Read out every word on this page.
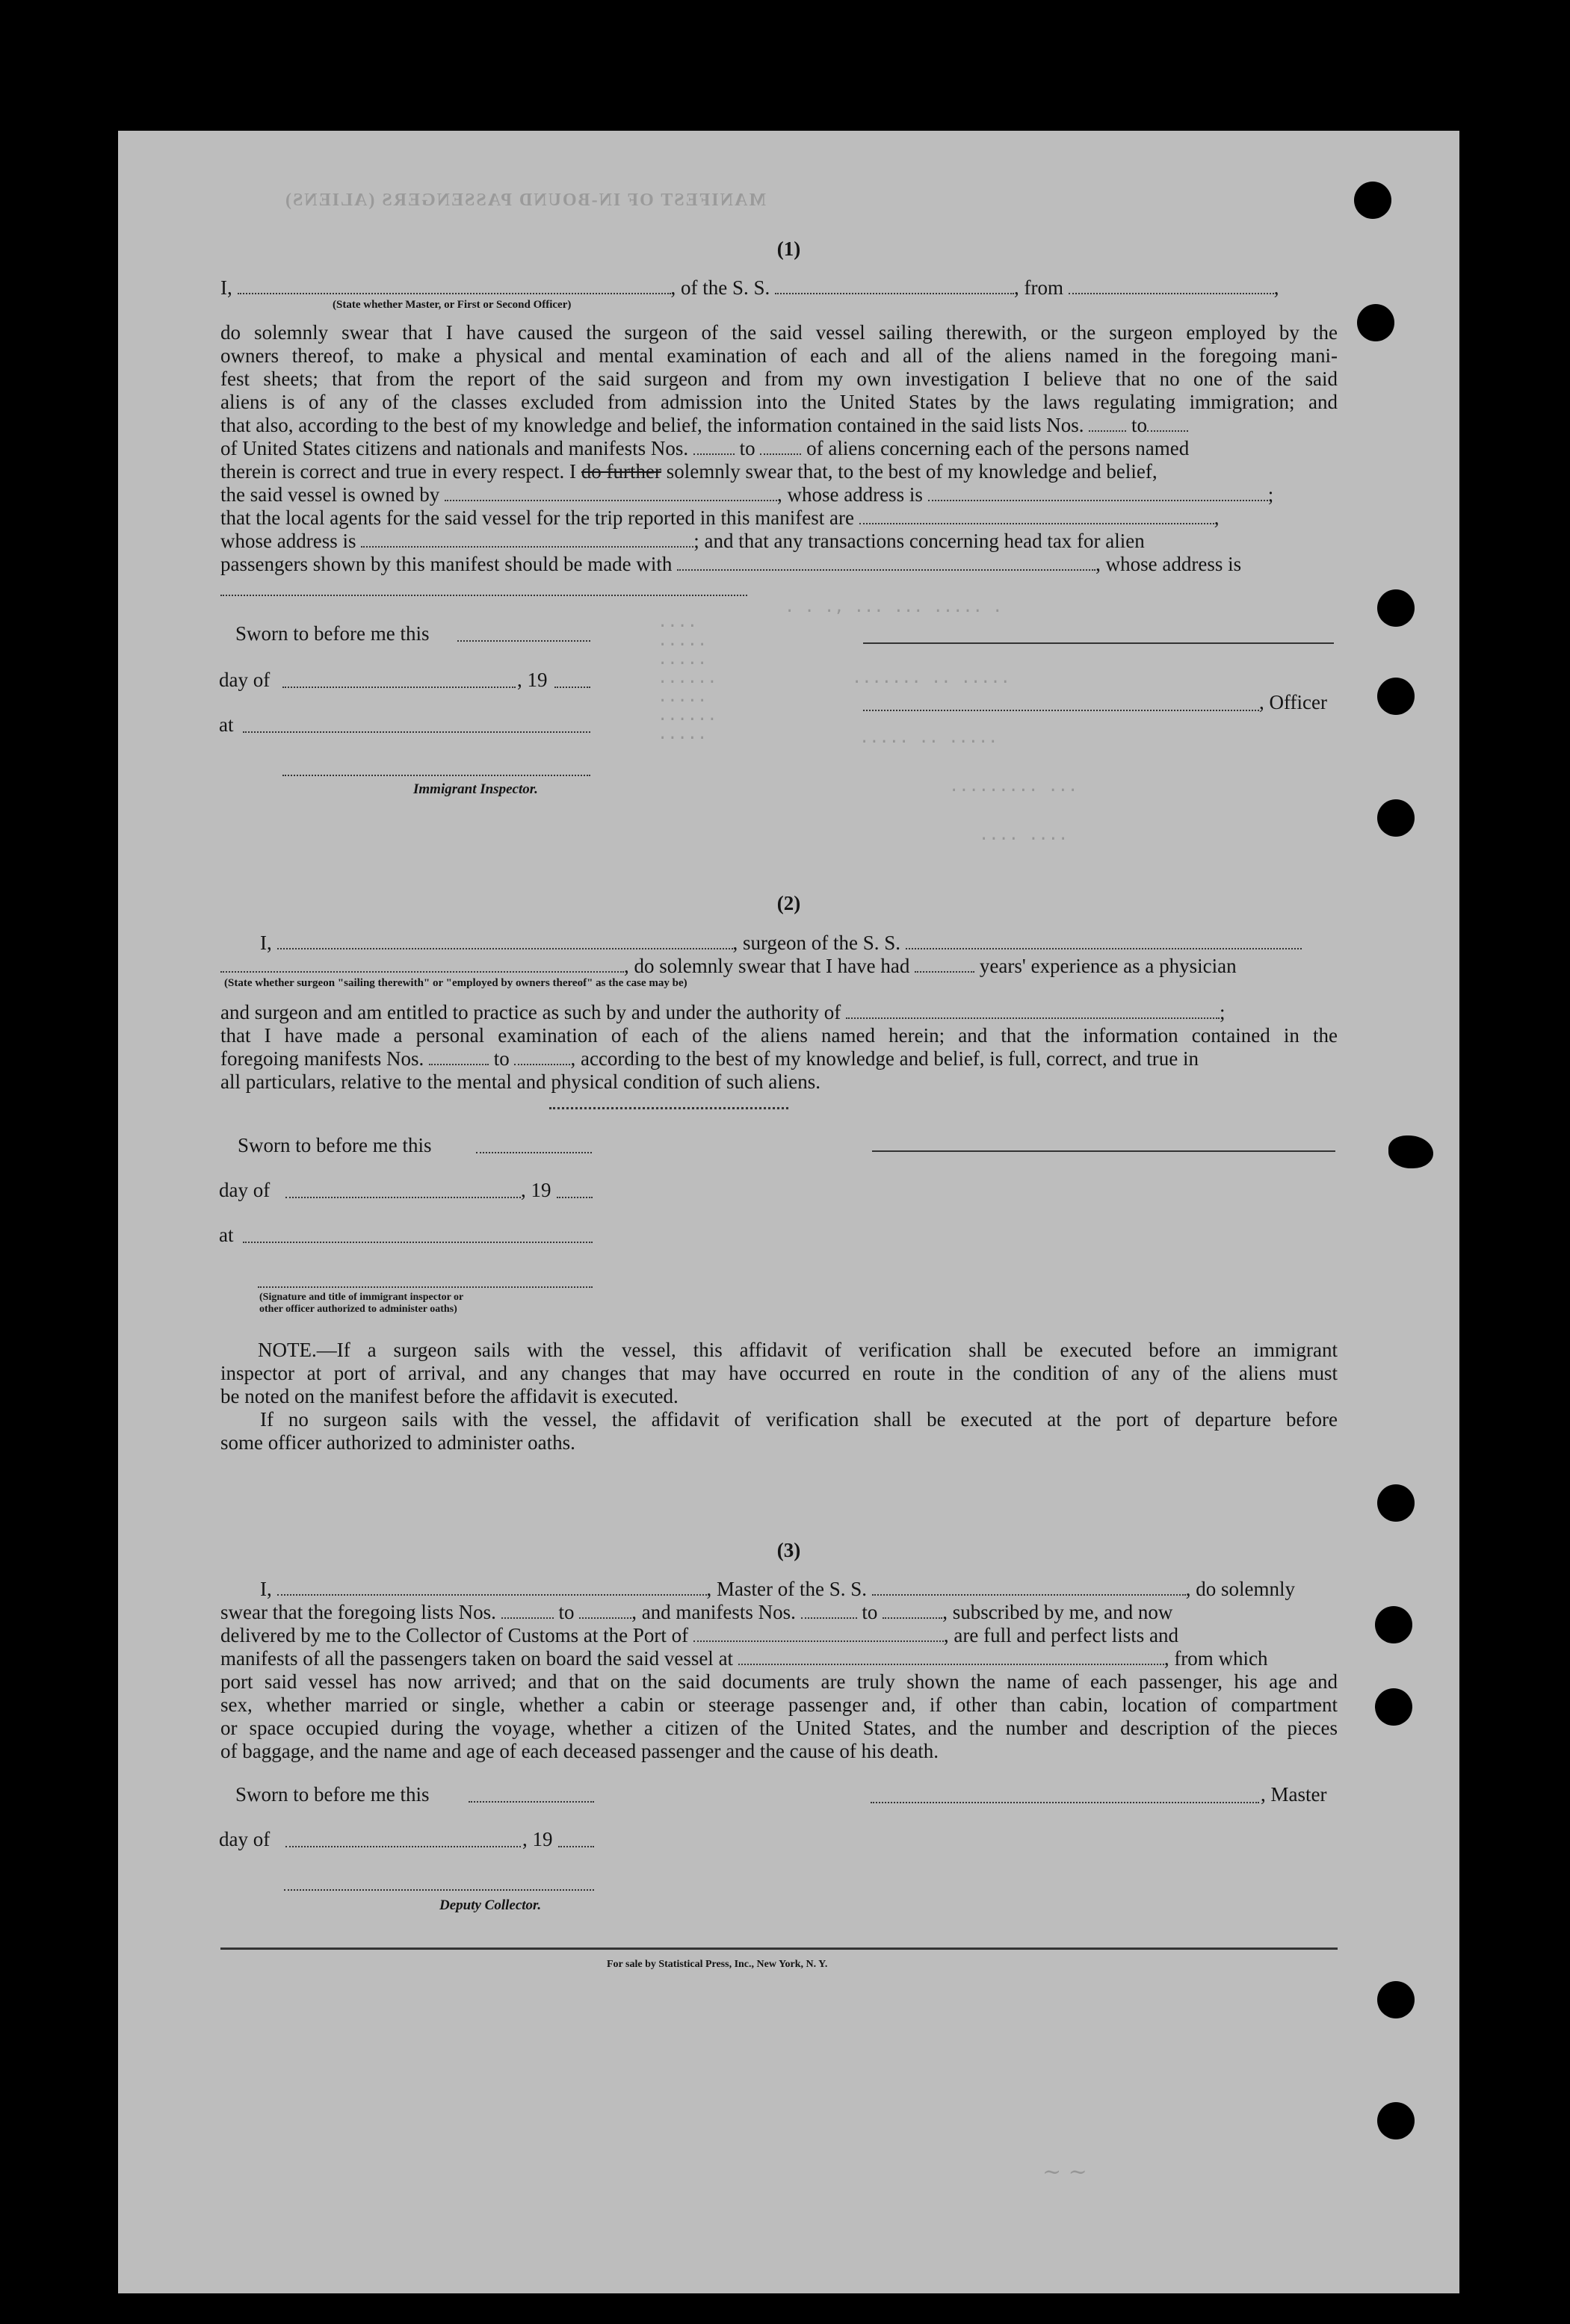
MANIFEST OF IN-BOUND PASSENGERS (ALIENS)
(1)
I,	, of the S. S.	, from	,
(State whether Master, or First or Second Officer)
do solemnly swear that I have caused the surgeon of the said vessel sailing therewith, or the surgeon employed by the
owners thereof, to make a physical and mental examination of each and all of the aliens named in the foregoing mani-
fest sheets; that from the report of the said surgeon and from my own investigation I believe that no one of the said
aliens is of any of the classes excluded from admission into the United States by the laws regulating immigration; and
that also, according to the best of my knowledge and belief, the information contained in the said lists Nos. to
of United States citizens and nationals and manifests Nos.	to	of aliens concerning each of the persons named
therein is correct and true in every respect. I do further solemnly swear that, to the best of my knowledge and belief,
the said vessel is owned by	, whose address is	;
that the local agents for the said vessel for the trip reported in this manifest are	,
whose address is	; and that any transactions concerning head tax for alien
passengers shown by this manifest should be made with	, whose address is
Sworn to before me this
day of	, 19
at
Immigrant Inspector.
, Officer
. . ., ... ... ..... .
....... .. .....
..... .. .....
......... ...
.... ....
....
.....
.....
......
.....
......
.....
(2)
I,	, surgeon of the S. S.
, do solemnly swear that I have had	years' experience as a physician
(State whether surgeon "sailing therewith" or "employed by owners thereof" as the case may be)
and surgeon and am entitled to practice as such by and under the authority of	;
that I have made a personal examination of each of the aliens named herein; and that the information contained in the
foregoing manifests Nos.	to	, according to the best of my knowledge and belief, is full, correct, and true in
all particulars, relative to the mental and physical condition of such aliens.
Sworn to before me this
day of	, 19
at
(Signature and title of immigrant inspector or
other officer authorized to administer oaths)
NOTE.—If a surgeon sails with the vessel, this affidavit of verification shall be executed before an immigrant
inspector at port of arrival, and any changes that may have occurred en route in the condition of any of the aliens must
be noted on the manifest before the affidavit is executed.
If no surgeon sails with the vessel, the affidavit of verification shall be executed at the port of departure before
some officer authorized to administer oaths.
(3)
I,	, Master of the S. S.	, do solemnly
swear that the foregoing lists Nos.	to	, and manifests Nos.	to	, subscribed by me, and now
delivered by me to the Collector of Customs at the Port of	, are full and perfect lists and
manifests of all the passengers taken on board the said vessel at	, from which
port said vessel has now arrived; and that on the said documents are truly shown the name of each passenger, his age and
sex, whether married or single, whether a cabin or steerage passenger and, if other than cabin, location of compartment
or space occupied during the voyage, whether a citizen of the United States, and the number and description of the pieces
of baggage, and the name and age of each deceased passenger and the cause of his death.
Sworn to before me this	, Master
day of	, 19
Deputy Collector.
For sale by Statistical Press, Inc., New York, N. Y.
~ ~
